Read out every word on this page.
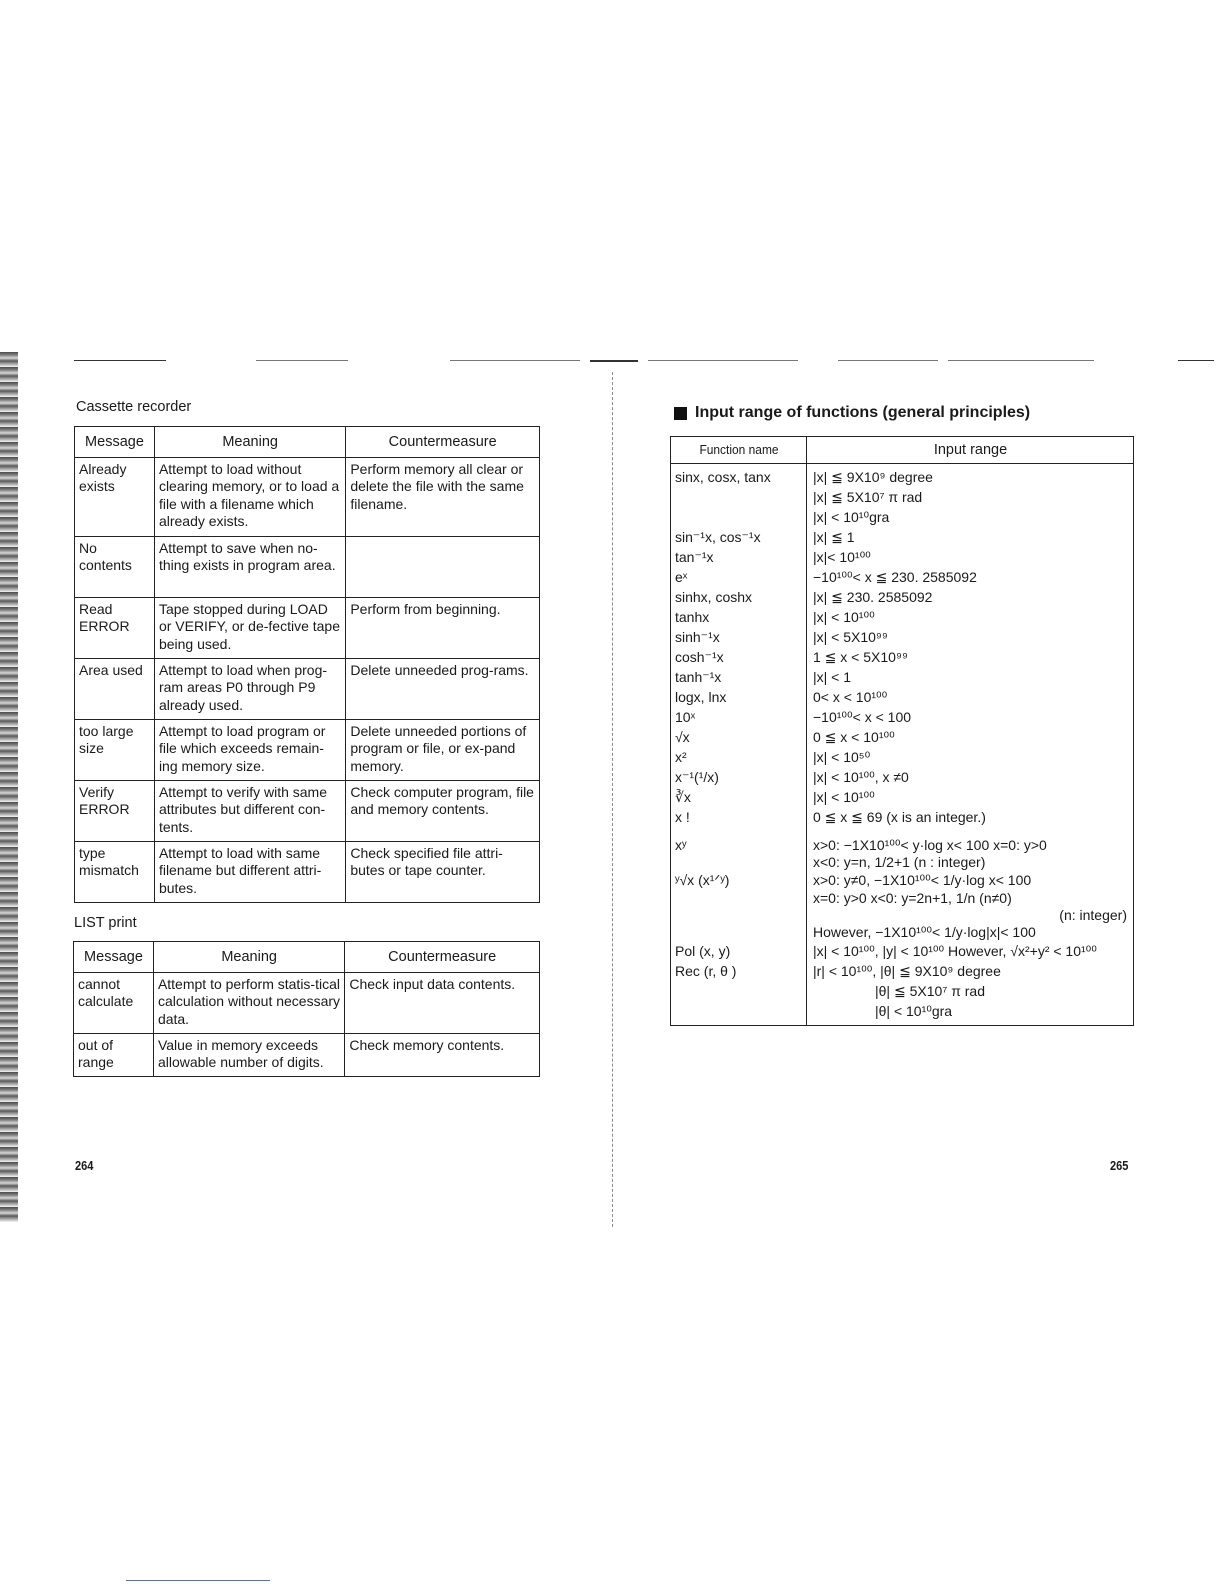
Cassette recorder
Message	Meaning	Countermeasure
Already exists	Attempt to load without clearing memory, or to load a file with a filename which already exists.	Perform memory all clear or delete the file with the same filename.
No contents	Attempt to save when no-thing exists in program area.	
Read ERROR	Tape stopped during LOAD or VERIFY, or de-fective tape being used.	Perform from beginning.
Area used	Attempt to load when prog-ram areas P0 through P9 already used.	Delete unneeded prog-rams.
too large size	Attempt to load program or file which exceeds remain-ing memory size.	Delete unneeded portions of program or file, or ex-pand memory.
Verify ERROR	Attempt to verify with same attributes but different con-tents.	Check computer program, file and memory contents.
type mismatch	Attempt to load with same filename but different attri-butes.	Check specified file attri-butes or tape counter.
LIST print
Message	Meaning	Countermeasure
cannot calculate	Attempt to perform statis-tical calculation without necessary data.	Check input data contents.
out of range	Value in memory exceeds allowable number of digits.	Check memory contents.
264
Input range of functions (general principles)
Function name	Input range
sinx, cosx, tanx	|x| ≦ 9X10⁹ degree
|x| ≦ 5X10⁷ π rad
|x| < 10¹⁰gra
sin⁻¹x, cos⁻¹x	|x| ≦ 1
tan⁻¹x	|x|< 10¹⁰⁰
eˣ	−10¹⁰⁰< x ≦ 230. 2585092
sinhx, coshx	|x| ≦ 230. 2585092
tanhx	|x| < 10¹⁰⁰
sinh⁻¹x	|x| < 5X10⁹⁹
cosh⁻¹x	1 ≦ x < 5X10⁹⁹
tanh⁻¹x	|x| < 1
logx, lnx	0< x < 10¹⁰⁰
10ˣ	−10¹⁰⁰< x < 100
√x	0 ≦ x < 10¹⁰⁰
x²	|x| < 10⁵⁰
x⁻¹(¹/x)	|x| < 10¹⁰⁰, x ≠0
∛x	|x| < 10¹⁰⁰
x !	0 ≦ x ≦ 69 (x is an integer.)
xʸ	x>0: −1X10¹⁰⁰< y·log x< 100 x=0: y>0
x<0: y=n, 1/2+1 (n : integer)
ʸ√x (x¹ᐟʸ)	x>0: y≠0, −1X10¹⁰⁰< 1/y·log x< 100
x=0: y>0 x<0: y=2n+1, 1/n (n≠0)
(n: integer)
However, −1X10¹⁰⁰< 1/y·log|x|< 100
Pol (x, y)	|x| < 10¹⁰⁰, |y| < 10¹⁰⁰ However, √x²+y² < 10¹⁰⁰
Rec (r, θ )	|r| < 10¹⁰⁰, |θ| ≦ 9X10⁹ degree
|θ| ≦ 5X10⁷ π rad
|θ| < 10¹⁰gra
265
